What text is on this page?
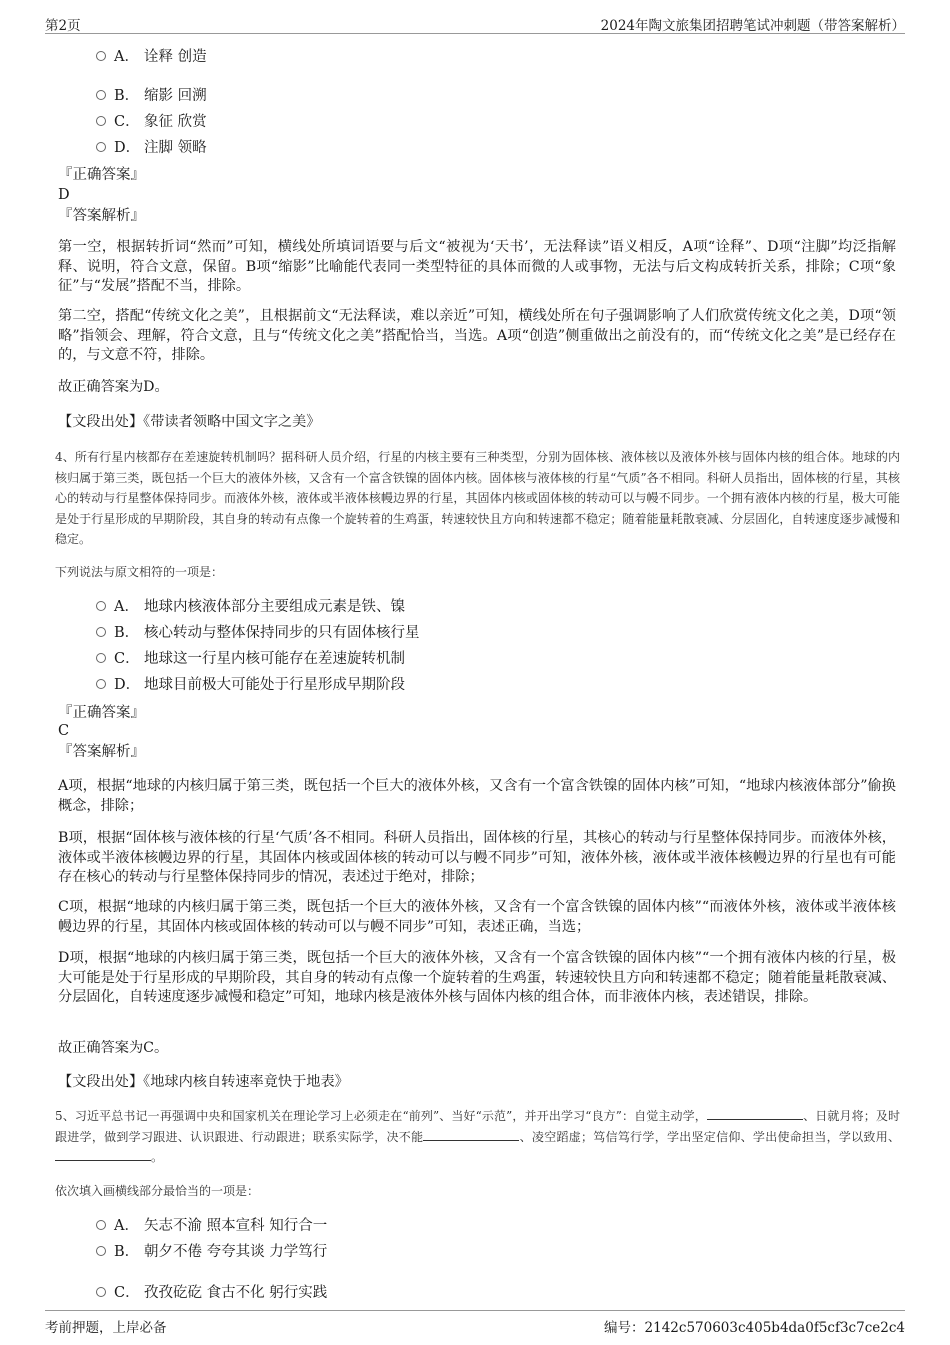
第2页	2024年陶文旅集团招聘笔试冲刺题（带答案解析）
A． 诠释 创造
B． 缩影 回溯
C． 象征 欣赏
D． 注脚 领略
『正确答案』
D
『答案解析』
第一空，根据转折词“然而”可知，横线处所填词语要与后文“被视为‘天书’，无法释读”语义相反，A项“诠释”、D项“注脚”均泛指解释、说明，符合文意，保留。B项“缩影”比喻能代表同一类型特征的具体而微的人或事物，无法与后文构成转折关系，排除；C项“象征”与“发展”搭配不当，排除。
第二空，搭配“传统文化之美”，且根据前文“无法释读，难以亲近”可知，横线处所在句子强调影响了人们欣赏传统文化之美，D项“领略”指领会、理解，符合文意，且与“传统文化之美”搭配恰当，当选。A项“创造”侧重做出之前没有的，而“传统文化之美”是已经存在的，与文意不符，排除。
故正确答案为D。
【文段出处】《带读者领略中国文字之美》
4、所有行星内核都存在差速旋转机制吗？据科研人员介绍，行星的内核主要有三种类型，分别为固体核、液体核以及液体外核与固体内核的组合体。地球的内核归属于第三类，既包括一个巨大的液体外核，又含有一个富含铁镍的固体内核。固体核与液体核的行星“气质”各不相同。科研人员指出，固体核的行星，其核心的转动与行星整体保持同步。而液体外核，液体或半液体核幔边界的行星，其固体内核或固体核的转动可以与幔不同步。一个拥有液体内核的行星，极大可能是处于行星形成的早期阶段，其自身的转动有点像一个旋转着的生鸡蛋，转速较快且方向和转速都不稳定；随着能量耗散衰减、分层固化，自转速度逐步减慢和稳定。
下列说法与原文相符的一项是：
A． 地球内核液体部分主要组成元素是铁、镍
B． 核心转动与整体保持同步的只有固体核行星
C． 地球这一行星内核可能存在差速旋转机制
D． 地球目前极大可能处于行星形成早期阶段
『正确答案』
C
『答案解析』
A项，根据“地球的内核归属于第三类，既包括一个巨大的液体外核，又含有一个富含铁镍的固体内核”可知，“地球内核液体部分”偷换概念，排除；
B项，根据“固体核与液体核的行星‘气质’各不相同。科研人员指出，固体核的行星，其核心的转动与行星整体保持同步。而液体外核，液体或半液体核幔边界的行星，其固体内核或固体核的转动可以与幔不同步”可知，液体外核，液体或半液体核幔边界的行星也有可能存在核心的转动与行星整体保持同步的情况，表述过于绝对，排除；
C项，根据“地球的内核归属于第三类，既包括一个巨大的液体外核，又含有一个富含铁镍的固体内核”“而液体外核，液体或半液体核幔边界的行星，其固体内核或固体核的转动可以与幔不同步”可知，表述正确，当选；
D项，根据“地球的内核归属于第三类，既包括一个巨大的液体外核，又含有一个富含铁镍的固体内核”“一个拥有液体内核的行星，极大可能是处于行星形成的早期阶段，其自身的转动有点像一个旋转着的生鸡蛋，转速较快且方向和转速都不稳定；随着能量耗散衰减、分层固化，自转速度逐步减慢和稳定”可知，地球内核是液体外核与固体内核的组合体，而非液体内核，表述错误，排除。
故正确答案为C。
【文段出处】《地球内核自转速率竟快于地表》
5、习近平总书记一再强调中央和国家机关在理论学习上必须走在“前列”、当好“示范”，并开出学习“良方”：自觉主动学，	、日就月将；及时跟进学，做到学习跟进、认识跟进、行动跟进；联系实际学，决不能	、凌空蹈虚；笃信笃行学，学出坚定信仰、学出使命担当，学以致用、。
依次填入画横线部分最恰当的一项是：
A． 矢志不渝 照本宣科 知行合一
B． 朝夕不倦 夸夸其谈 力学笃行
C． 孜孜矻矻 食古不化 躬行实践
考前押题，上岸必备	编号：2142c570603c405b4da0f5cf3c7ce2c4
